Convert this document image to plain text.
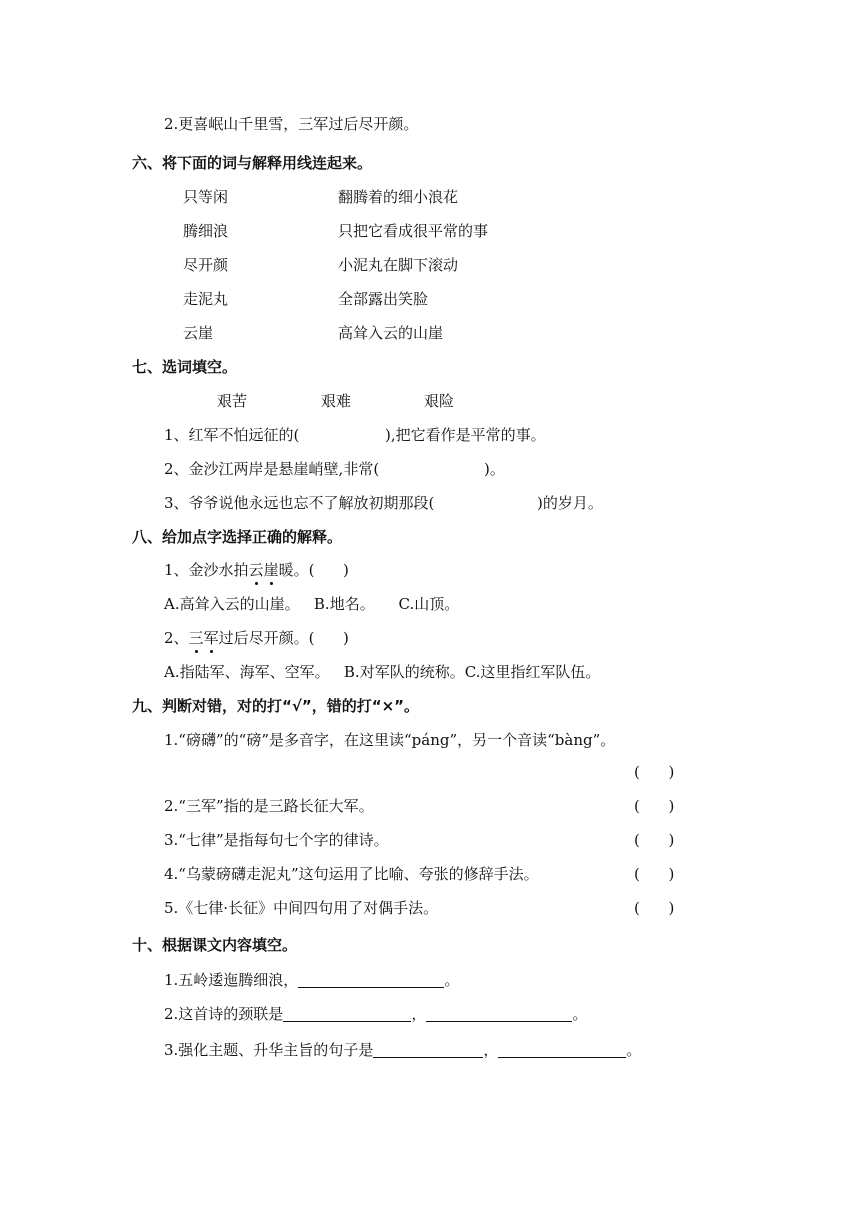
2.更喜岷山千里雪，三军过后尽开颜。
六、将下面的词与解释用线连起来。
只等闲	翻腾着的细小浪花
腾细浪	只把它看成很平常的事
尽开颜	小泥丸在脚下滚动
走泥丸	全部露出笑脸
云崖	高耸入云的山崖
七、选词填空。
艰苦	艰难	艰险
1、红军不怕远征的(	),把它看作是平常的事。
2、金沙江两岸是悬崖峭壁,非常(	)。
3、爷爷说他永远也忘不了解放初期那段(	)的岁月。
八、给加点字选择正确的解释。
1、金沙水拍云崖暖。(      )
A.高耸入云的山崖。   B.地名。     C.山顶。
2、三军过后尽开颜。(      )
A.指陆军、海军、空军。   B.对军队的统称。C.这里指红军队伍。
九、判断对错，对的打“√”，错的打“×”。
1.“磅礴”的“磅”是多音字，在这里读“páng”，另一个音读“bàng”。
(      )
2.“三军”指的是三路长征大军。	(      )
3.“七律”是指每句七个字的律诗。	(      )
4.“乌蒙磅礴走泥丸”这句运用了比喻、夸张的修辞手法。	(      )
5.《七律·长征》中间四句用了对偶手法。	(      )
十、根据课文内容填空。
1.五岭逶迤腾细浪，	。
2.这首诗的颈联是	，	。
3.强化主题、升华主旨的句子是	，	。
